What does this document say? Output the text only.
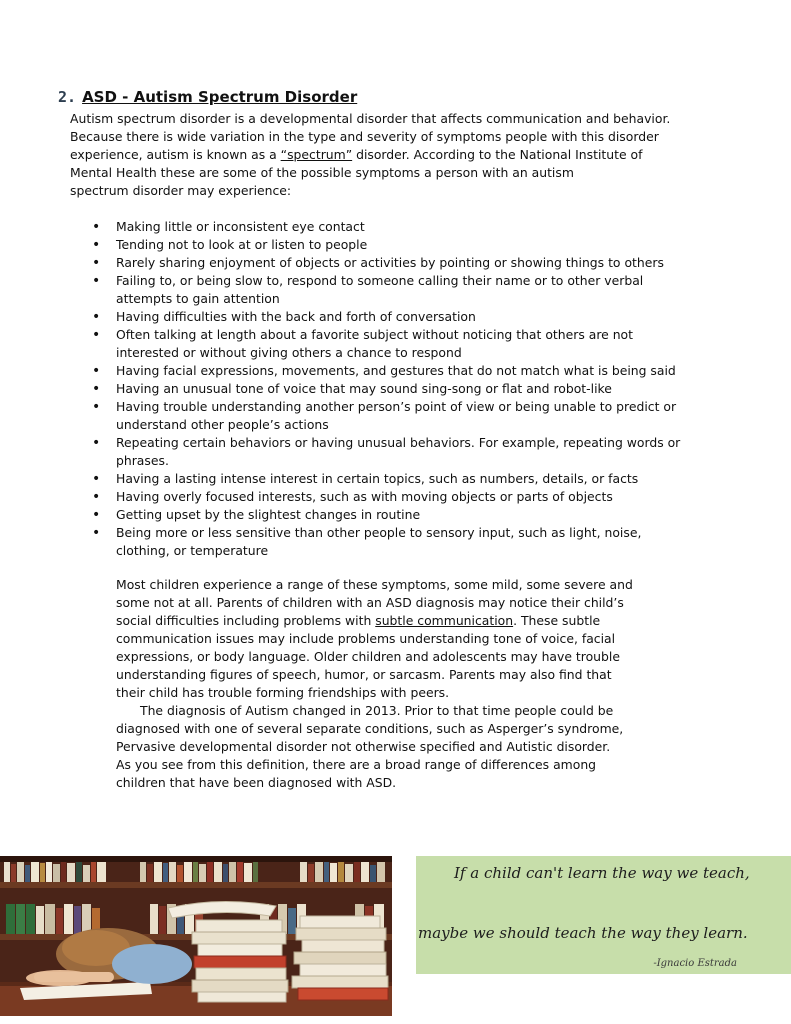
2. ASD - Autism Spectrum Disorder
Autism spectrum disorder is a developmental disorder that affects communication and behavior.
Because there is wide variation in the type and severity of symptoms people with this disorder
experience, autism is known as a “spectrum” disorder. According to the National Institute of
Mental Health these are some of the possible symptoms a person with an autism
spectrum disorder may experience:
• Making little or inconsistent eye contact
• Tending not to look at or listen to people
• Rarely sharing enjoyment of objects or activities by pointing or showing things to others
• Failing to, or being slow to, respond to someone calling their name or to other verbal
attempts to gain attention
• Having difficulties with the back and forth of conversation
• Often talking at length about a favorite subject without noticing that others are not
interested or without giving others a chance to respond
• Having facial expressions, movements, and gestures that do not match what is being said
• Having an unusual tone of voice that may sound sing-song or flat and robot-like
• Having trouble understanding another person’s point of view or being unable to predict or
understand other people’s actions
• Repeating certain behaviors or having unusual behaviors. For example, repeating words or
phrases.
• Having a lasting intense interest in certain topics, such as numbers, details, or facts
• Having overly focused interests, such as with moving objects or parts of objects
• Getting upset by the slightest changes in routine
• Being more or less sensitive than other people to sensory input, such as light, noise,
clothing, or temperature
Most children experience a range of these symptoms, some mild, some severe and
some not at all. Parents of children with an ASD diagnosis may notice their child’s
social difficulties including problems with subtle communication. These subtle
communication issues may include problems understanding tone of voice, facial
expressions, or body language. Older children and adolescents may have trouble
understanding figures of speech, humor, or sarcasm. Parents may also find that
their child has trouble forming friendships with peers.
The diagnosis of Autism changed in 2013. Prior to that time people could be
diagnosed with one of several separate conditions, such as Asperger’s syndrome,
Pervasive developmental disorder not otherwise specified and Autistic disorder.
As you see from this definition, there are a broad range of differences among
children that have been diagnosed with ASD.
If a child can't learn the way we teach,
maybe we should teach the way they learn.
-Ignacio Estrada
